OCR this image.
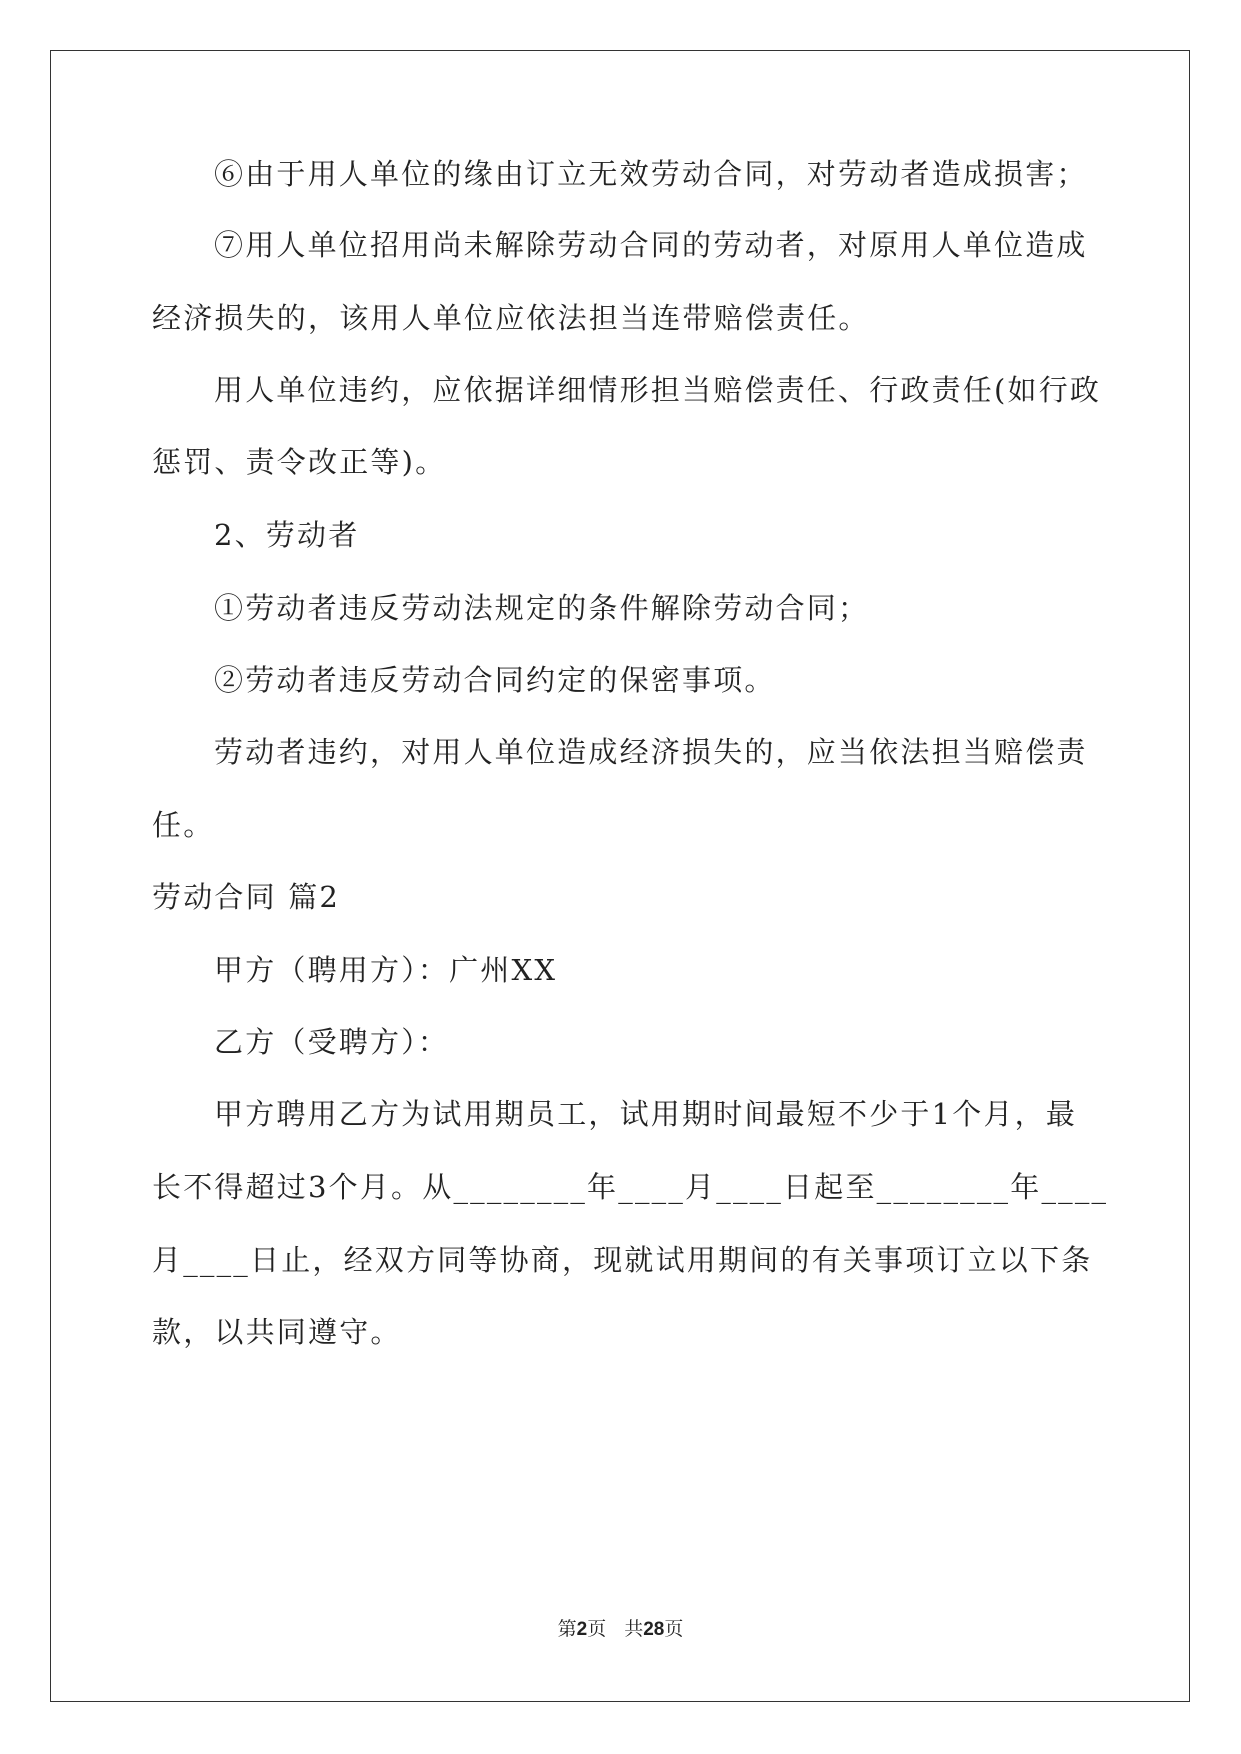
⑥由于用人单位的缘由订立无效劳动合同，对劳动者造成损害；
⑦用人单位招用尚未解除劳动合同的劳动者，对原用人单位造成
经济损失的，该用人单位应依法担当连带赔偿责任。
用人单位违约，应依据详细情形担当赔偿责任、行政责任(如行政
惩罚、责令改正等)。
2、劳动者
①劳动者违反劳动法规定的条件解除劳动合同；
②劳动者违反劳动合同约定的保密事项。
劳动者违约，对用人单位造成经济损失的，应当依法担当赔偿责
任。
劳动合同 篇2
甲方（聘用方）：广州XX
乙方（受聘方）：
甲方聘用乙方为试用期员工，试用期时间最短不少于1个月，最
长不得超过3个月。从________年____月____日起至________年____
月____日止，经双方同等协商，现就试用期间的有关事项订立以下条
款，以共同遵守。
第2页 共28页
